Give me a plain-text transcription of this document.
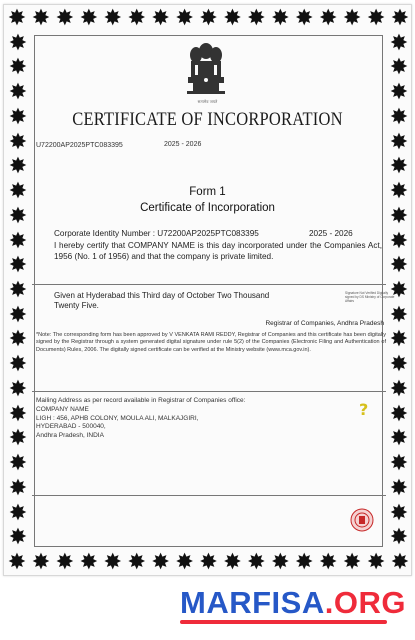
✸
✸
✸
✸
✸
✸
✸
✸
✸
✸
✸
✸
✸
✸
✸
✸
✸
✸
✸
✸
✸
✸
✸
✸
✸
✸
✸
✸
✸
✸
✸
✸
✸
✸
✸	✸
✸	✸
✸	✸
✸	✸
✸	✸
✸	✸
✸	✸
✸	✸
✸	✸
✸	✸
✸	✸
✸	✸
✸	✸
✸	✸
✸	✸
✸	✸
✸	✸
✸	✸
✸	✸
✸	✸
✸	✸
सत्यमेव जयते
CERTIFICATE OF INCORPORATION
U72200AP2025PTC083395	2025 - 2026
Form 1
Certificate of Incorporation
Corporate Identity Number : U72200AP2025PTC083395	2025 - 2026
I hereby certify that COMPANY NAME is this day incorporated under the Companies Act, 1956 (No. 1 of 1956) and that the company is private limited.
Given at Hyderabad this Third day of October Two Thousand Twenty Five.
Signature Not Verified Digitally signed by DS Ministry of Corporate Affairs
Registrar of Companies, Andhra Pradesh
*Note: The corresponding form has been approved by V VENKATA RAMI REDDY, Registrar of Companies and this certificate has been digitally signed by the Registrar through a system generated digital signature under rule 5(2) of the Companies (Electronic Filing and Authentication of Documents) Rules, 2006. The digitally signed certificate can be verified at the Ministry website (www.mca.gov.in).
Mailing Address as per record available in Registrar of Companies office:
COMPANY NAME
LIGH : 456, APHB COLONY, MOULA ALI, MALKAJGIRI,
HYDERABAD - 500040,
Andhra Pradesh, INDIA
?
MARFISA.ORG
